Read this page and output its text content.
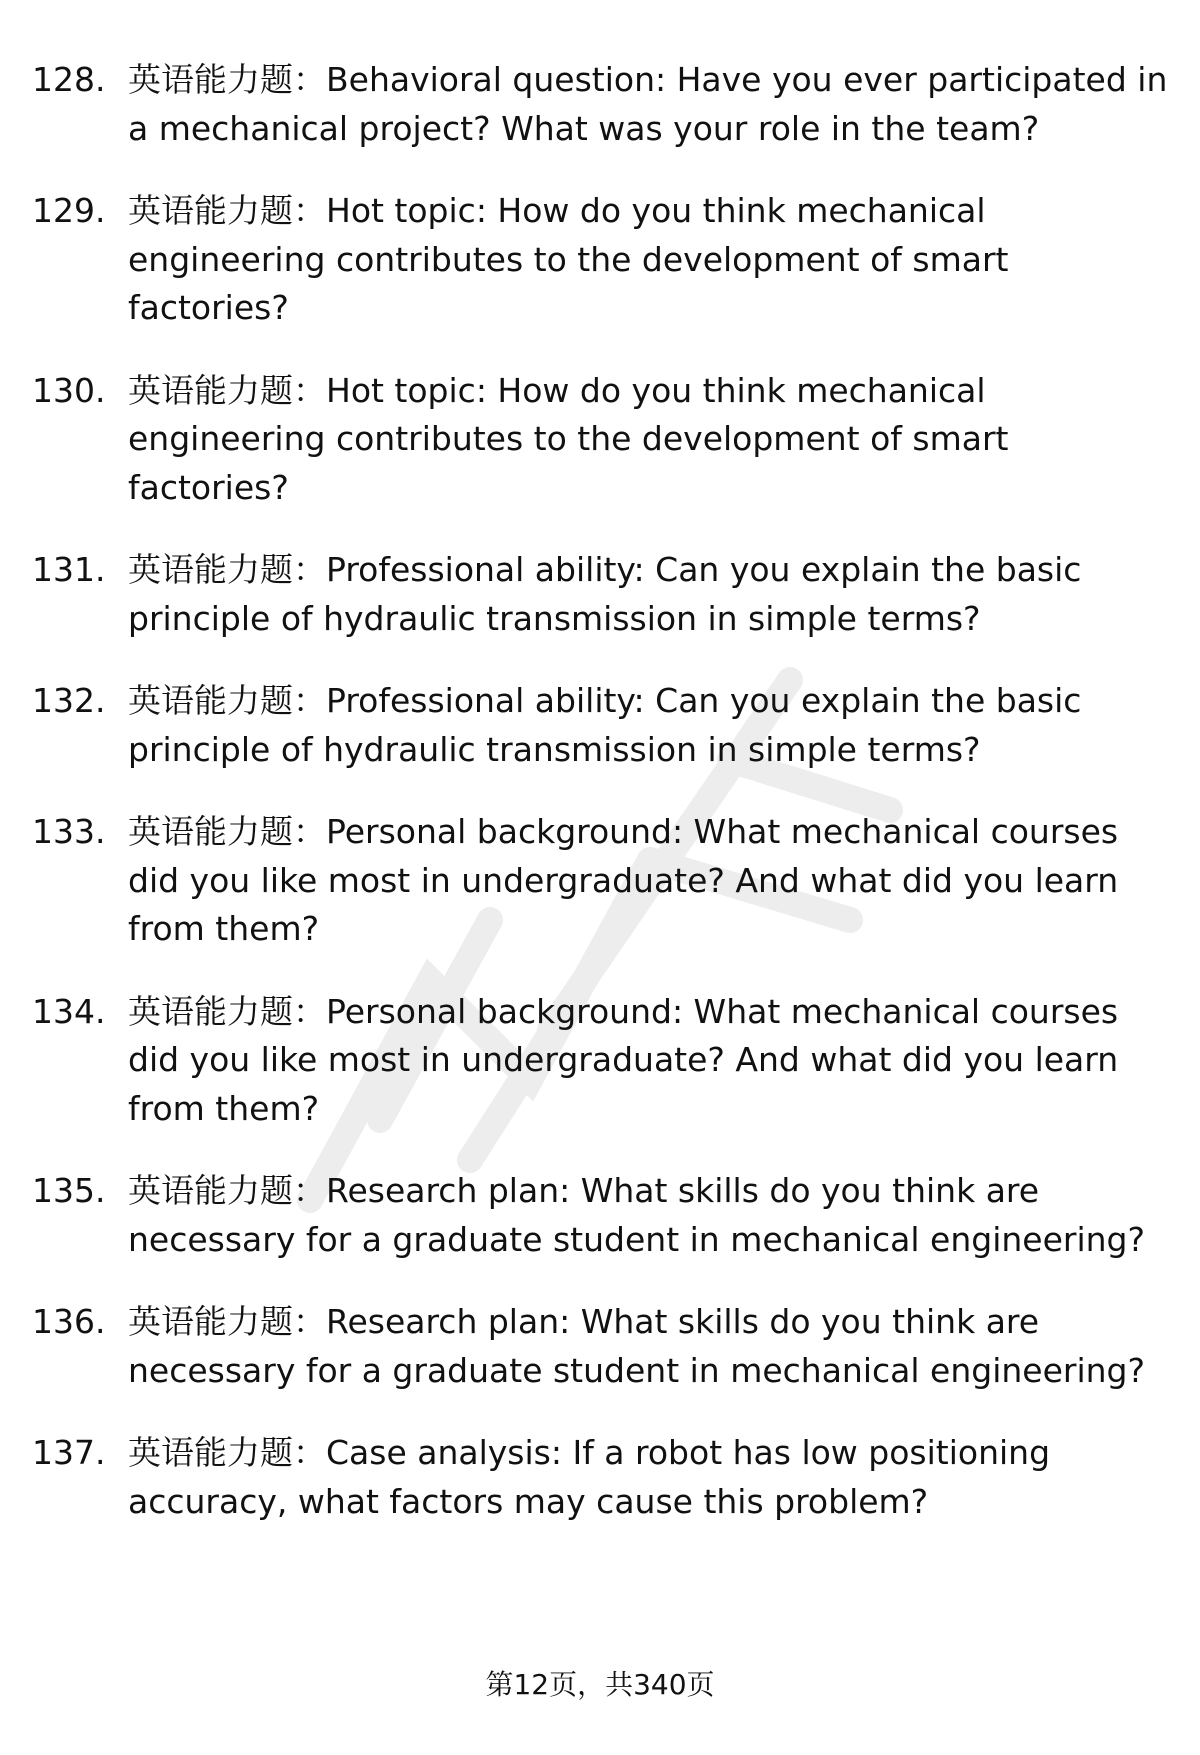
128. 英语能力题：Behavioral question: Have you ever participated in a mechanical project? What was your role in the team?
129. 英语能力题：Hot topic: How do you think mechanical engineering contributes to the development of smart factories?
130. 英语能力题：Hot topic: How do you think mechanical engineering contributes to the development of smart factories?
131. 英语能力题：Professional ability: Can you explain the basic principle of hydraulic transmission in simple terms?
132. 英语能力题：Professional ability: Can you explain the basic principle of hydraulic transmission in simple terms?
133. 英语能力题：Personal background: What mechanical courses did you like most in undergraduate? And what did you learn from them?
134. 英语能力题：Personal background: What mechanical courses did you like most in undergraduate? And what did you learn from them?
135. 英语能力题：Research plan: What skills do you think are necessary for a graduate student in mechanical engineering?
136. 英语能力题：Research plan: What skills do you think are necessary for a graduate student in mechanical engineering?
137. 英语能力题：Case analysis: If a robot has low positioning accuracy, what factors may cause this problem?
第12页，共340页
